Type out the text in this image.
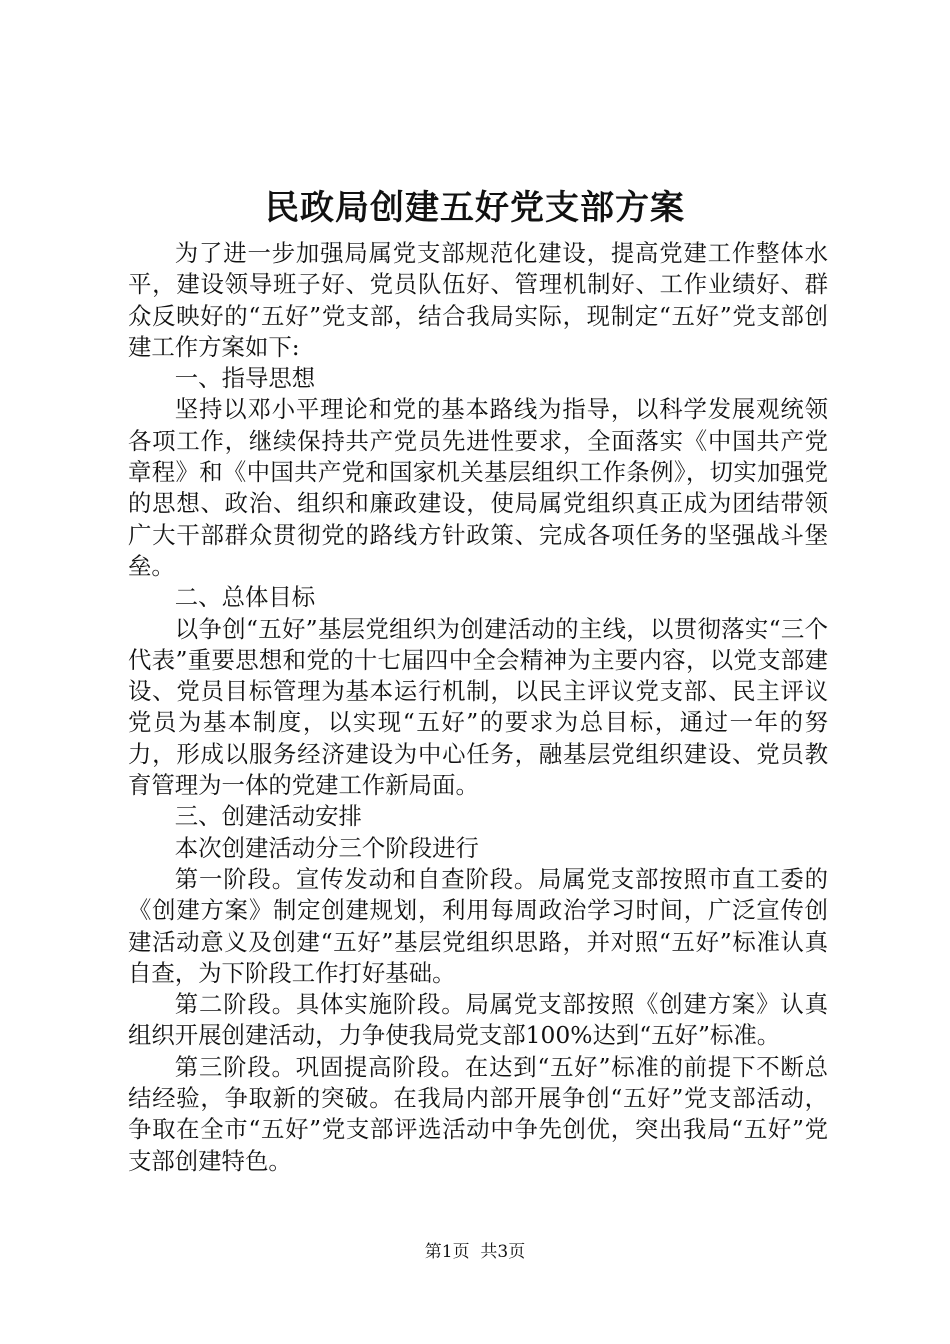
民政局创建五好党支部方案

为了进一步加强局属党支部规范化建设，提高党建工作整体水平，建设领导班子好、党员队伍好、管理机制好、工作业绩好、群众反映好的“五好”党支部，结合我局实际，现制定“五好”党支部创建工作方案如下:

一、指导思想

坚持以邓小平理论和党的基本路线为指导，以科学发展观统领各项工作，继续保持共产党员先进性要求，全面落实《中国共产党章程》和《中国共产党和国家机关基层组织工作条例》，切实加强党的思想、政治、组织和廉政建设，使局属党组织真正成为团结带领广大干部群众贯彻党的路线方针政策、完成各项任务的坚强战斗堡垒。

二、总体目标

以争创“五好”基层党组织为创建活动的主线，以贯彻落实“三个代表”重要思想和党的十七届四中全会精神为主要内容，以党支部建设、党员目标管理为基本运行机制，以民主评议党支部、民主评议党员为基本制度，以实现“五好”的要求为总目标，通过一年的努力，形成以服务经济建设为中心任务，融基层党组织建设、党员教育管理为一体的党建工作新局面。

三、创建活动安排

本次创建活动分三个阶段进行

第一阶段。宣传发动和自查阶段。局属党支部按照市直工委的《创建方案》制定创建规划，利用每周政治学习时间，广泛宣传创建活动意义及创建“五好”基层党组织思路，并对照“五好”标准认真自查，为下阶段工作打好基础。

第二阶段。具体实施阶段。局属党支部按照《创建方案》认真组织开展创建活动，力争使我局党支部100%达到“五好”标准。

第三阶段。巩固提高阶段。在达到“五好”标准的前提下不断总结经验，争取新的突破。在我局内部开展争创“五好”党支部活动，争取在全市“五好”党支部评选活动中争先创优，突出我局“五好”党支部创建特色。

第1页 共3页
